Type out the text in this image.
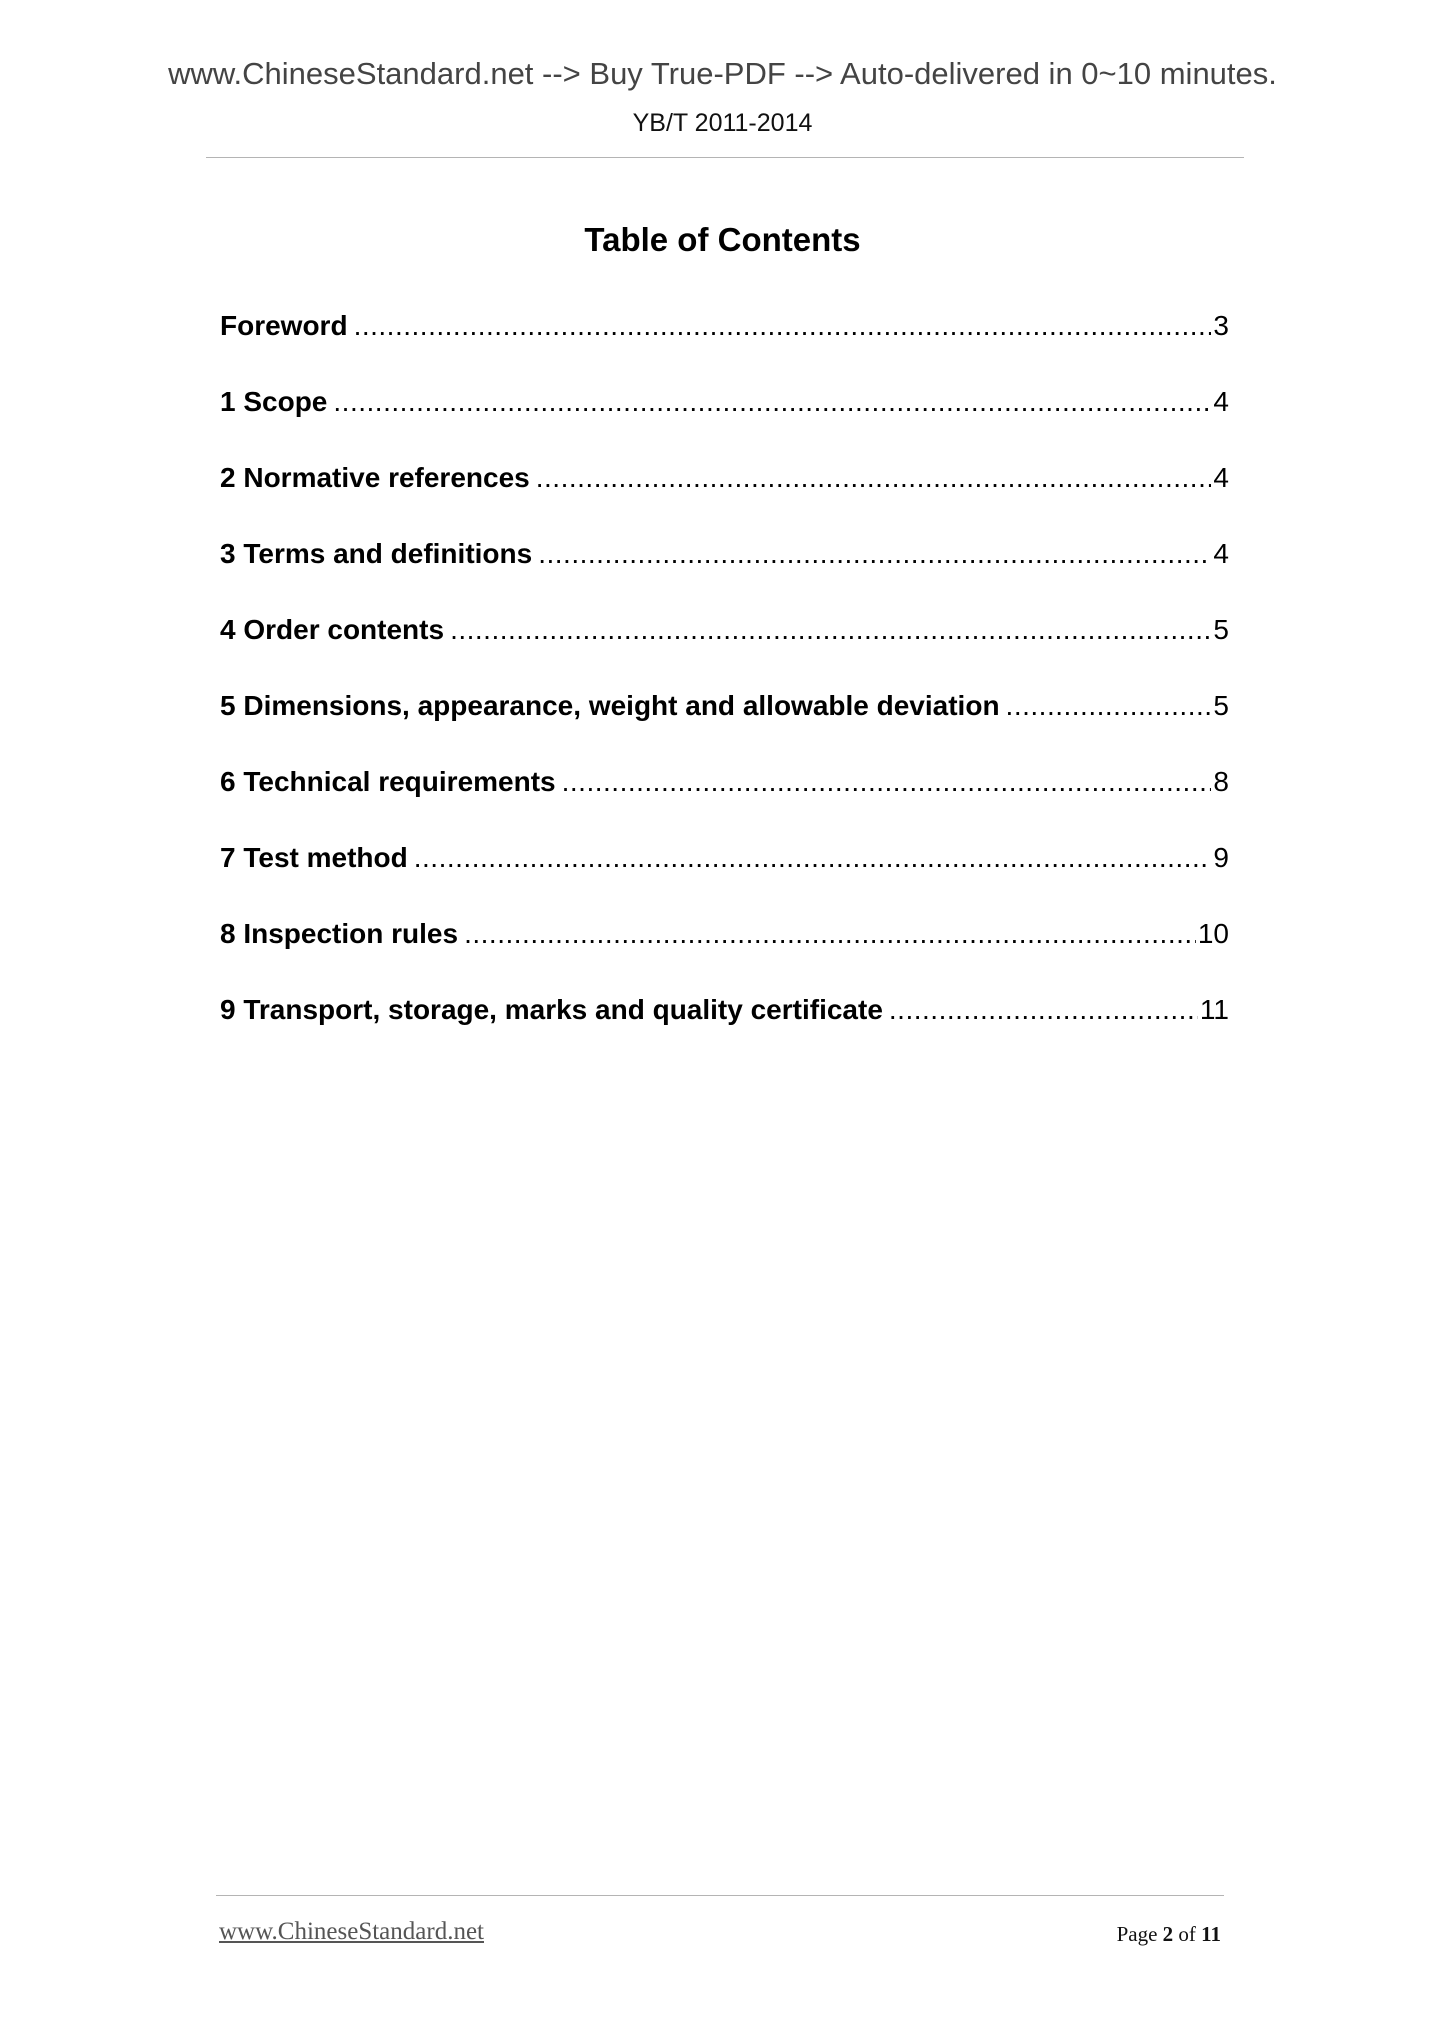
www.ChineseStandard.net --> Buy True-PDF --> Auto-delivered in 0~10 minutes.
YB/T 2011-2014
Table of Contents
Foreword .....	3
1 Scope .....	4
2 Normative references .....	4
3 Terms and definitions .....	4
4 Order contents .....	5
5 Dimensions, appearance, weight and allowable deviation .....	5
6 Technical requirements .....	8
7 Test method .....	9
8 Inspection rules .....	10
9 Transport, storage, marks and quality certificate .....	11
www.ChineseStandard.net	Page 2 of 11
